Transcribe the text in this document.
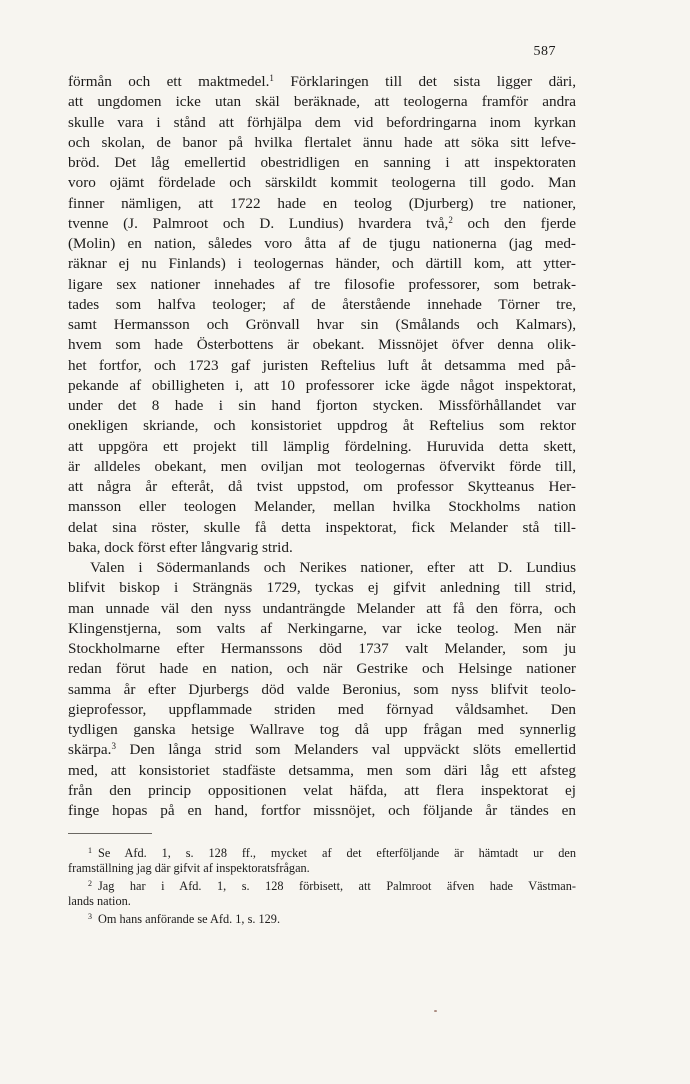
587
förmån och ett maktmedel.$^1$ Förklaringen till det sista ligger däri,
att ungdomen icke utan skäl beräknade, att teologerna framför andra
skulle vara i stånd att förhjälpa dem vid befordringarna inom kyrkan
och skolan, de banor på hvilka flertalet ännu hade att söka sitt lefve-
bröd. Det låg emellertid obestridligen en sanning i att inspektoraten
voro ojämt fördelade och särskildt kommit teologerna till godo. Man
finner nämligen, att 1722 hade en teolog (Djurberg) tre nationer,
tvenne (J. Palmroot och D. Lundius) hvardera två,$^2$ och den fjerde
(Molin) en nation, således voro åtta af de tjugu nationerna (jag med-
räknar ej nu Finlands) i teologernas händer, och därtill kom, att ytter-
ligare sex nationer innehades af tre filosofie professorer, som betrak-
tades som halfva teologer; af de återstående innehade Törner tre,
samt Hermansson och Grönvall hvar sin (Smålands och Kalmars),
hvem som hade Österbottens är obekant. Missnöjet öfver denna olik-
het fortfor, och 1723 gaf juristen Reftelius luft åt detsamma med på-
pekande af obilligheten i, att 10 professorer icke ägde något inspektorat,
under det 8 hade i sin hand fjorton stycken. Missförhållandet var
onekligen skriande, och konsistoriet uppdrog åt Reftelius som rektor
att uppgöra ett projekt till lämplig fördelning. Huruvida detta skett,
är alldeles obekant, men oviljan mot teologernas öfvervikt förde till,
att några år efteråt, då tvist uppstod, om professor Skytteanus Her-
mansson eller teologen Melander, mellan hvilka Stockholms nation
delat sina röster, skulle få detta inspektorat, fick Melander stå till-
baka, dock först efter långvarig strid.
Valen i Södermanlands och Nerikes nationer, efter att D. Lundius
blifvit biskop i Strängnäs 1729, tyckas ej gifvit anledning till strid,
man unnade väl den nyss undanträngde Melander att få den förra, och
Klingenstjerna, som valts af Nerkingarne, var icke teolog. Men när
Stockholmarne efter Hermanssons död 1737 valt Melander, som ju
redan förut hade en nation, och när Gestrike och Helsinge nationer
samma år efter Djurbergs död valde Beronius, som nyss blifvit teolo-
gieprofessor, uppflammade striden med förnyad våldsamhet. Den
tydligen ganska hetsige Wallrave tog då upp frågan med synnerlig
skärpa.$^3$ Den långa strid som Melanders val uppväckt slöts emellertid
med, att konsistoriet stadfäste detsamma, men som däri låg ett afsteg
från den princip oppositionen velat häfda, att flera inspektorat ej
finge hopas på en hand, fortfor missnöjet, och följande år tändes en
$^1$ Se Afd. 1, s. 128 ff., mycket af det efterföljande är hämtadt ur den
framställning jag där gifvit af inspektoratsfrågan.
$^2$ Jag har i Afd. 1, s. 128 förbisett, att Palmroot äfven hade Västman-
lands nation.
$^3$ Om hans anförande se Afd. 1, s. 129.
